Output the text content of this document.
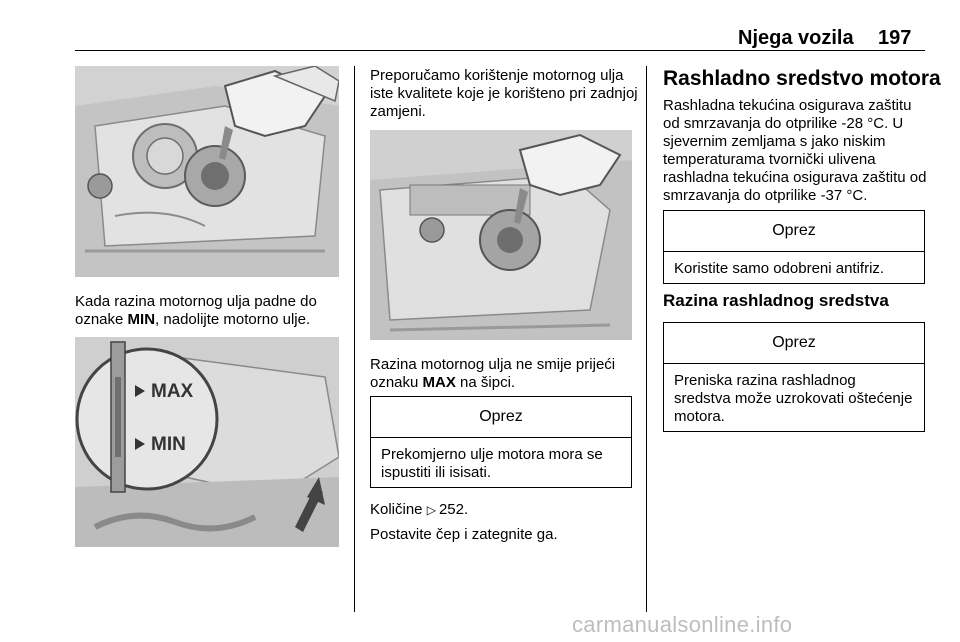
Njega vozila 197

Kada razina motornog ulja padne do
oznake MIN, nadolijte motorno ulje.

MAX
MIN

Preporučamo korištenje motornog ulja iste kvalitete koje je korišteno pri zadnjoj zamjeni.

Razina motornog ulja ne smije prijeći oznaku MAX na šipci.

Oprez
Prekomjerno ulje motora mora se ispustiti ili isisati.

Količine ▷ 252.

Postavite čep i zategnite ga.

Rashladno sredstvo motora

Rashladna tekućina osigurava zaštitu od smrzavanja do otprilike -28 °C. U sjevernim zemljama s jako niskim temperaturama tvornički ulivena rashladna tekućina osigurava zaštitu od smrzavanja do otprilike -37 °C.

Oprez
Koristite samo odobreni antifriz.
Razina rashladnog sredstva
Oprez
Preniska razina rashladnog sredstva može uzrokovati oštećenje motora.
carmanualsonline.info
